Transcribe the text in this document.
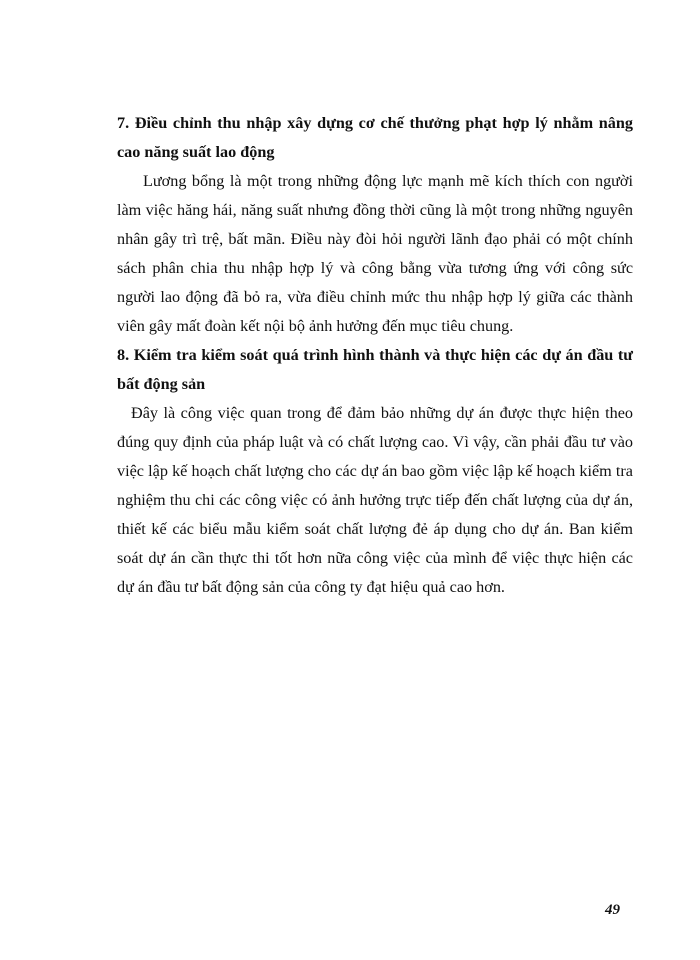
7. Điều chỉnh thu nhập xây dựng cơ chế thưởng phạt hợp lý nhằm nâng cao năng suất lao động

Lương bổng là một trong những động lực mạnh mẽ kích thích con người làm việc hăng hái, năng suất nhưng đồng thời cũng là một trong những nguyên nhân gây trì trệ, bất mãn. Điều này đòi hỏi người lãnh đạo phải có một chính sách phân chia thu nhập hợp lý và công bằng vừa tương ứng với công sức người lao động đã bỏ ra, vừa điều chỉnh mức thu nhập hợp lý giữa các thành viên gây mất đoàn kết nội bộ ảnh hưởng đến mục tiêu chung.

8. Kiểm tra kiểm soát quá trình hình thành và thực hiện các dự án đầu tư bất động sản

Đây là công việc quan trong để đảm bảo những dự án được thực hiện theo đúng quy định của pháp luật và có chất lượng cao. Vì vậy, cần phải đầu tư vào việc lập kế hoạch chất lượng cho các dự án bao gồm việc lập kế hoạch kiểm tra nghiệm thu chi các công việc có ảnh hưởng trực tiếp đến chất lượng của dự án, thiết kế các biểu mẫu kiểm soát chất lượng đẻ áp dụng cho dự án. Ban kiểm soát dự án cần thực thi tốt hơn nữa công việc của mình để việc thực hiện các dự án đầu tư bất động sản của công ty đạt hiệu quả cao hơn.

49
